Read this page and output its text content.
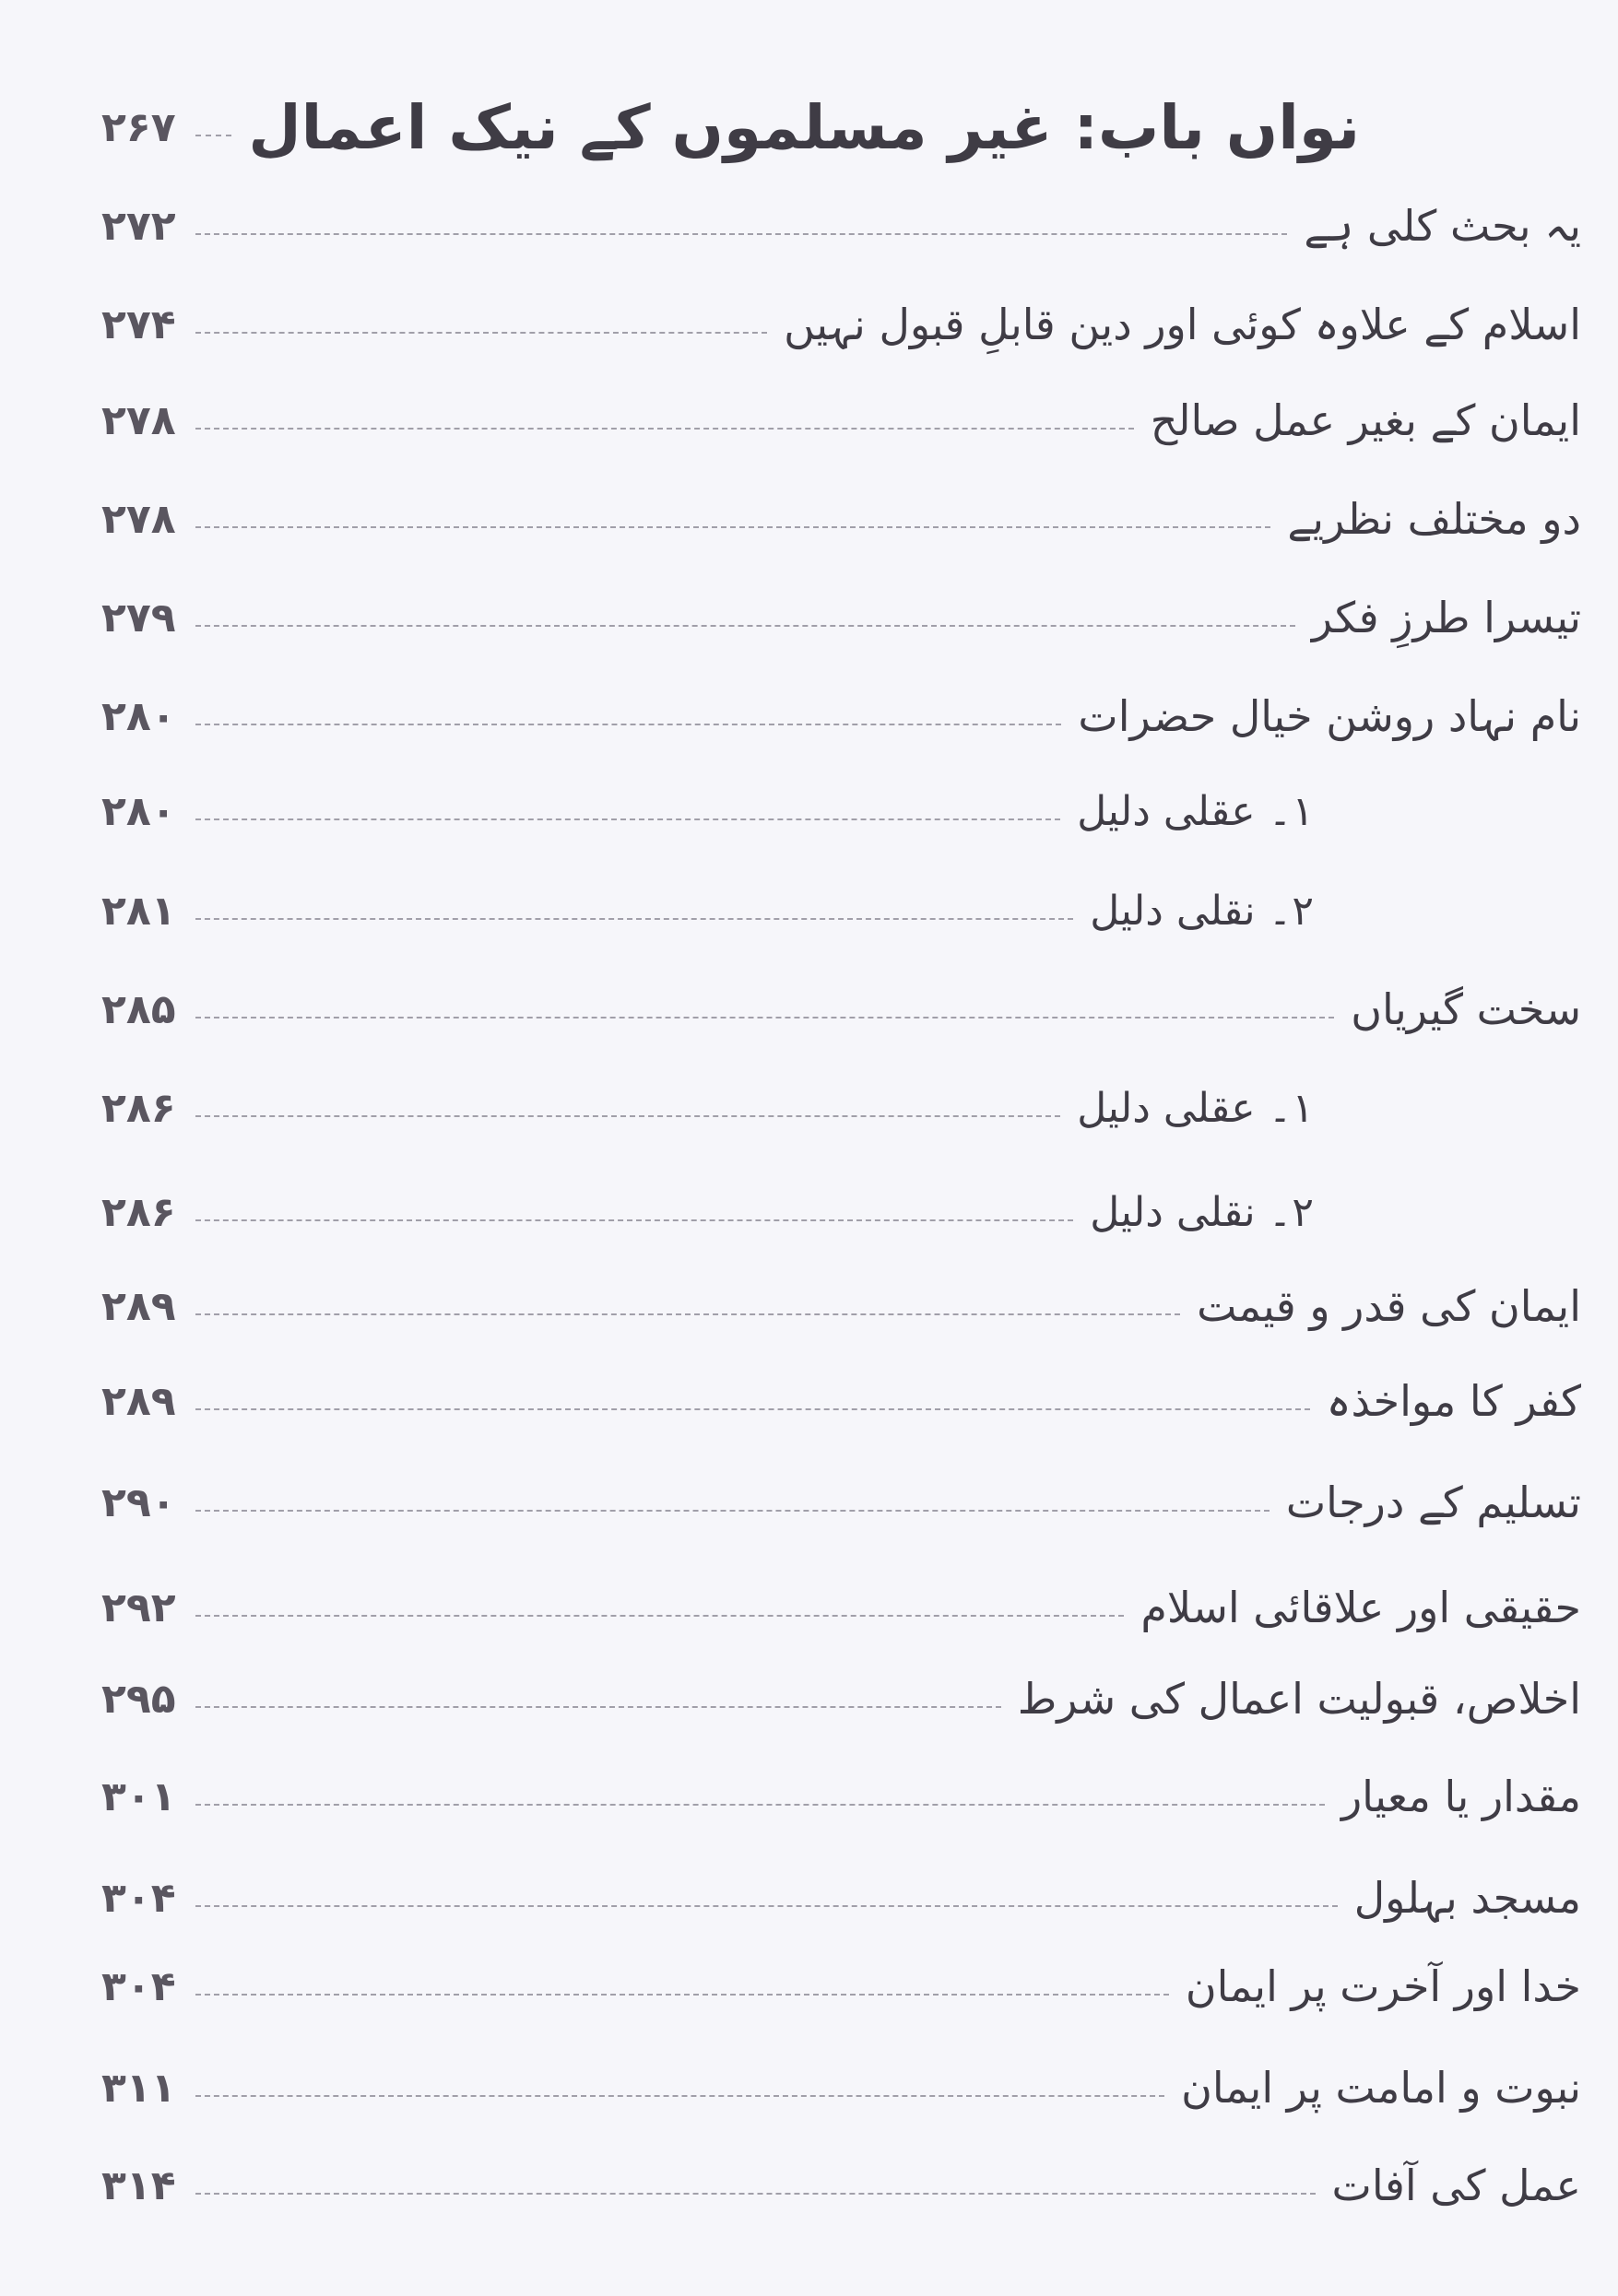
۲۶۷ نواں باب: غیر مسلموں کے نیک اعمال
۲۷۲	یہ بحث کلی ہے
۲۷۴	اسلام کے علاوہ کوئی اور دین قابلِ قبول نہیں
۲۷۸	ایمان کے بغیر عمل صالح
۲۷۸	دو مختلف نظریے
۲۷۹	تیسرا طرزِ فکر
۲۸۰	نام نہاد روشن خیال حضرات
۲۸۰	۱۔ عقلی دلیل
۲۸۱	۲۔ نقلی دلیل
۲۸۵	سخت گیریاں
۲۸۶	۱۔ عقلی دلیل
۲۸۶	۲۔ نقلی دلیل
۲۸۹	ایمان کی قدر و قیمت
۲۸۹	کفر کا مواخذہ
۲۹۰	تسلیم کے درجات
۲۹۲	حقیقی اور علاقائی اسلام
۲۹۵	اخلاص، قبولیت اعمال کی شرط
۳۰۱	مقدار یا معیار
۳۰۴	مسجد بہلول
۳۰۴	خدا اور آخرت پر ایمان
۳۱۱	نبوت و امامت پر ایمان
۳۱۴	عمل کی آفات
